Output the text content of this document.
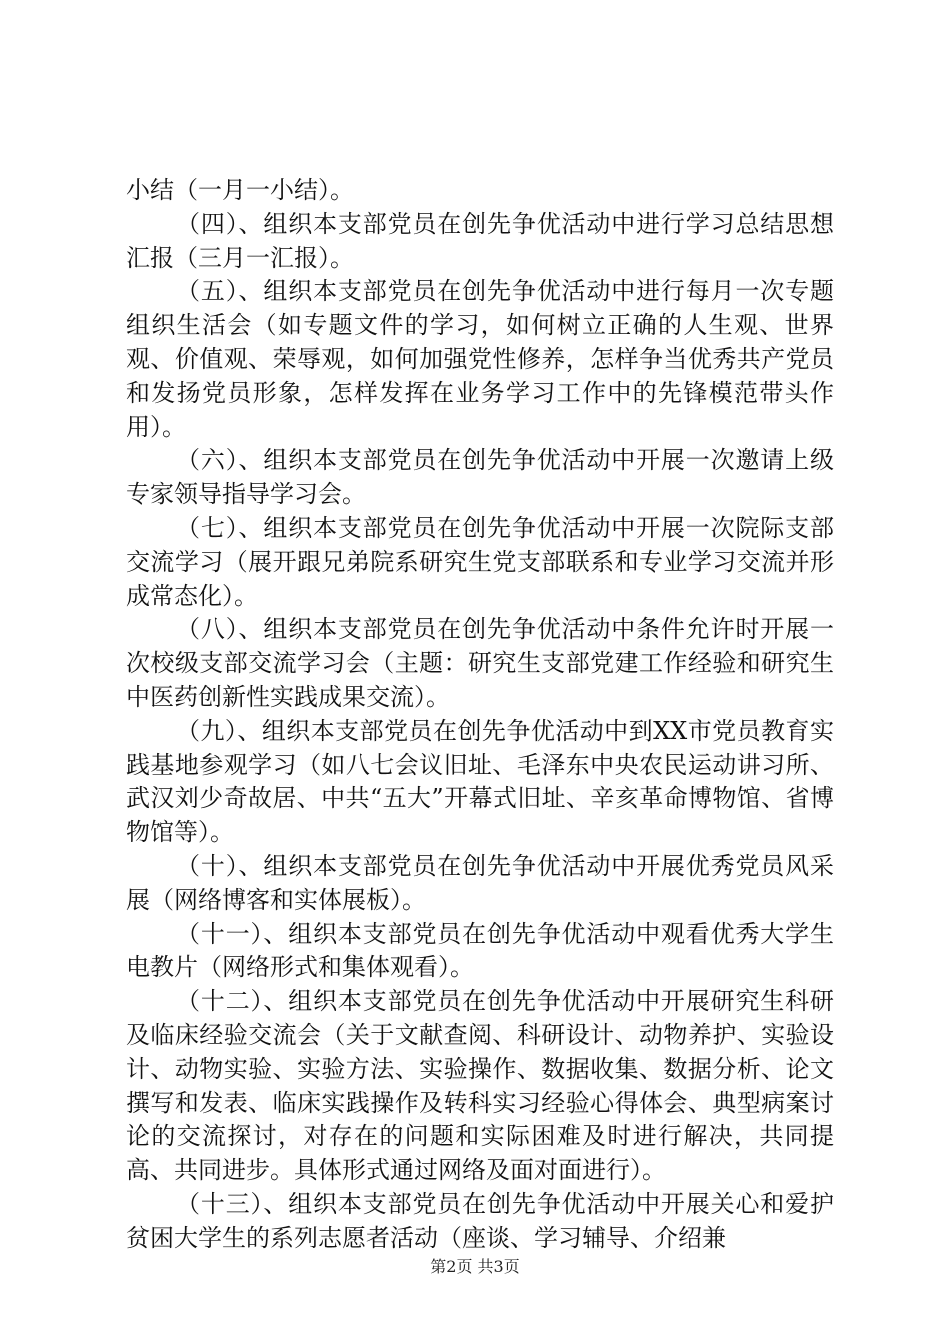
小结（一月一小结）。

（四）、组织本支部党员在创先争优活动中进行学习总结思想汇报（三月一汇报）。

（五）、组织本支部党员在创先争优活动中进行每月一次专题组织生活会（如专题文件的学习，如何树立正确的人生观、世界观、价值观、荣辱观，如何加强党性修养，怎样争当优秀共产党员和发扬党员形象，怎样发挥在业务学习工作中的先锋模范带头作用）。

（六）、组织本支部党员在创先争优活动中开展一次邀请上级专家领导指导学习会。

（七）、组织本支部党员在创先争优活动中开展一次院际支部交流学习（展开跟兄弟院系研究生党支部联系和专业学习交流并形成常态化）。

（八）、组织本支部党员在创先争优活动中条件允许时开展一次校级支部交流学习会（主题：研究生支部党建工作经验和研究生中医药创新性实践成果交流）。

（九）、组织本支部党员在创先争优活动中到XX市党员教育实践基地参观学习（如八七会议旧址、毛泽东中央农民运动讲习所、武汉刘少奇故居、中共“五大”开幕式旧址、辛亥革命博物馆、省博物馆等）。

（十）、组织本支部党员在创先争优活动中开展优秀党员风采展（网络博客和实体展板）。

（十一）、组织本支部党员在创先争优活动中观看优秀大学生电教片（网络形式和集体观看）。

（十二）、组织本支部党员在创先争优活动中开展研究生科研及临床经验交流会（关于文献查阅、科研设计、动物养护、实验设计、动物实验、实验方法、实验操作、数据收集、数据分析、论文撰写和发表、临床实践操作及转科实习经验心得体会、典型病案讨论的交流探讨，对存在的问题和实际困难及时进行解决，共同提高、共同进步。具体形式通过网络及面对面进行）。

（十三）、组织本支部党员在创先争优活动中开展关心和爱护贫困大学生的系列志愿者活动（座谈、学习辅导、介绍兼

第2页 共3页
